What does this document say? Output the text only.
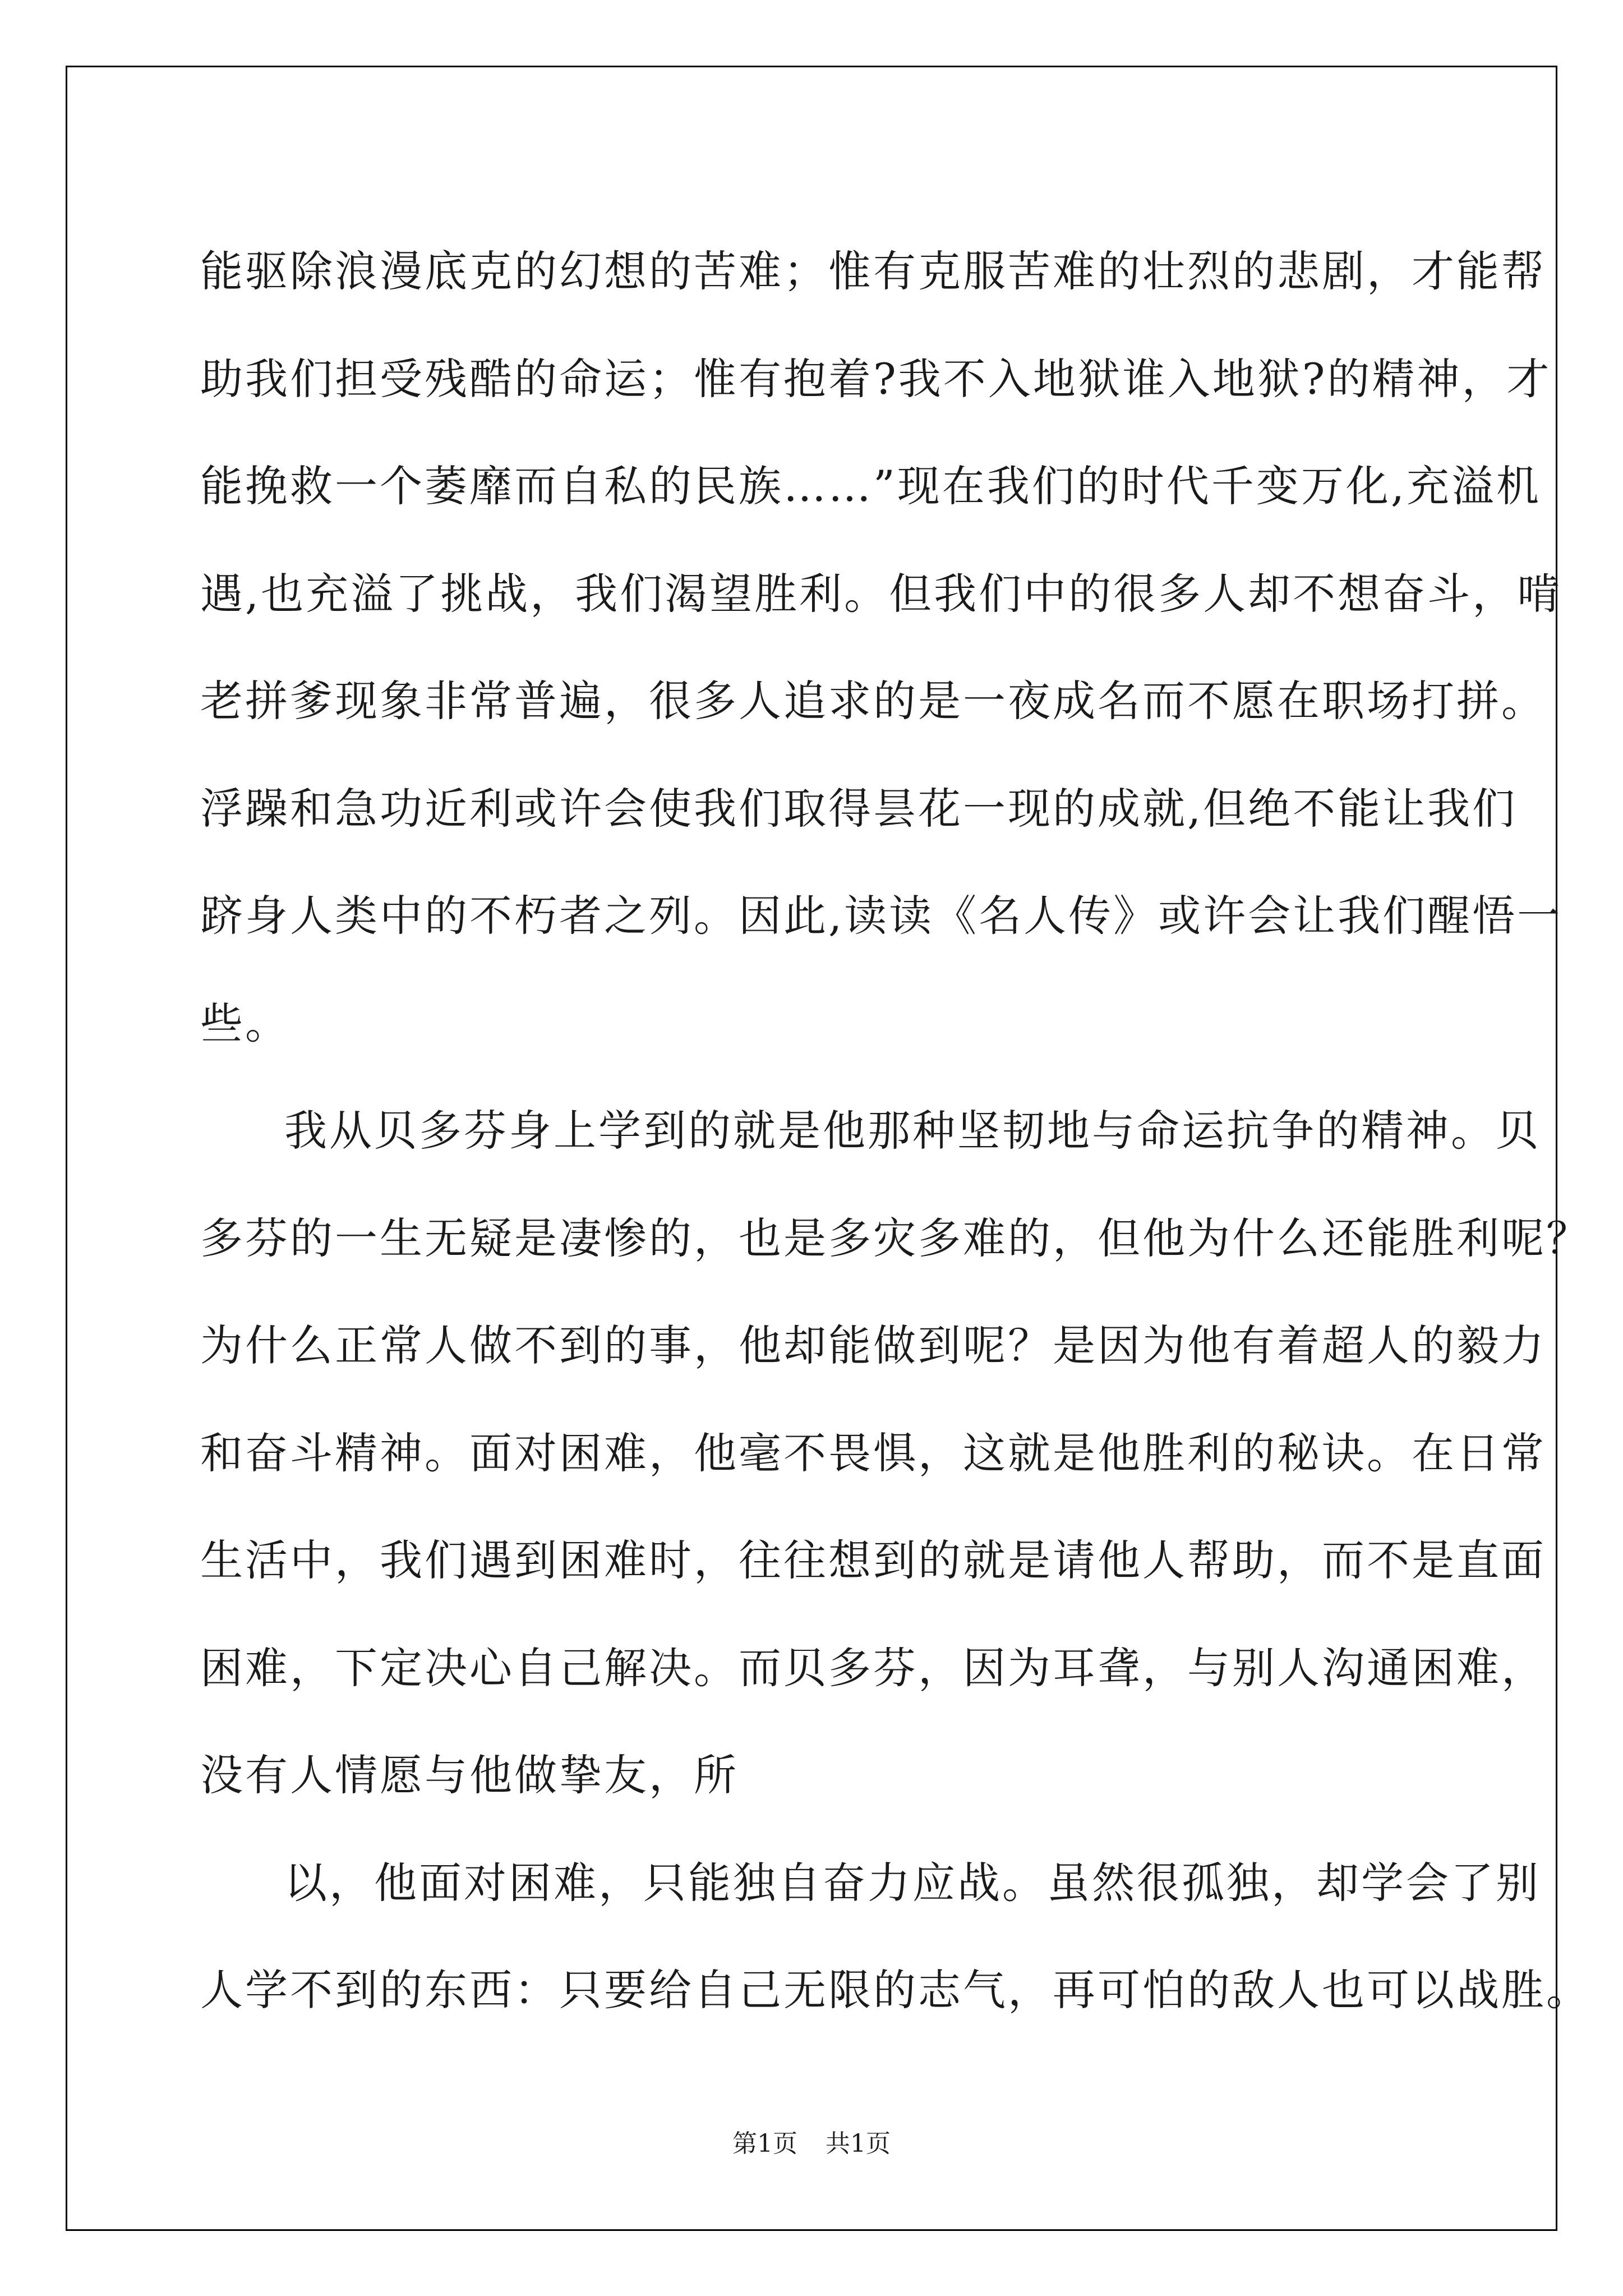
能驱除浪漫底克的幻想的苦难；惟有克服苦难的壮烈的悲剧，才能帮
助我们担受残酷的命运；惟有抱着?我不入地狱谁入地狱?的精神，才
能挽救一个萎靡而自私的民族……”现在我们的时代千变万化,充溢机
遇,也充溢了挑战，我们渴望胜利。但我们中的很多人却不想奋斗，啃
老拼爹现象非常普遍，很多人追求的是一夜成名而不愿在职场打拼。
浮躁和急功近利或许会使我们取得昙花一现的成就,但绝不能让我们
跻身人类中的不朽者之列。因此,读读《名人传》或许会让我们醒悟一
些。
我从贝多芬身上学到的就是他那种坚韧地与命运抗争的精神。贝
多芬的一生无疑是凄惨的，也是多灾多难的，但他为什么还能胜利呢？
为什么正常人做不到的事，他却能做到呢？是因为他有着超人的毅力
和奋斗精神。面对困难，他毫不畏惧，这就是他胜利的秘诀。在日常
生活中，我们遇到困难时，往往想到的就是请他人帮助，而不是直面
困难，下定决心自己解决。而贝多芬，因为耳聋，与别人沟通困难，
没有人情愿与他做挚友，所
以，他面对困难，只能独自奋力应战。虽然很孤独，却学会了别
人学不到的东西：只要给自己无限的志气，再可怕的敌人也可以战胜。
第1页 共1页
